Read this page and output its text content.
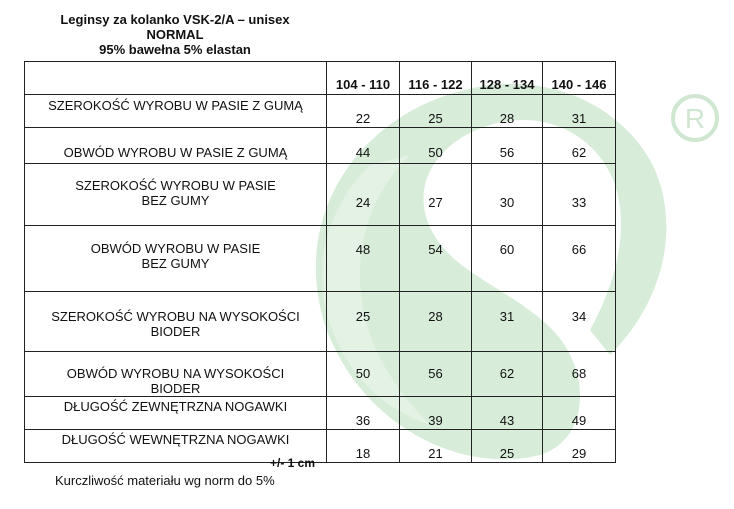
R
Leginsy za kolanko VSK-2/A – unisex
NORMAL
95% bawełna 5% elastan
	104 - 110	116 - 122	128 - 134	140 - 146
SZEROKOŚĆ WYROBU W PASIE Z GUMĄ	22	25	28	31
OBWÓD WYROBU W PASIE Z GUMĄ	44	50	56	62
SZEROKOŚĆ WYROBU W PASIE
BEZ GUMY	24	27	30	33
OBWÓD WYROBU W PASIE
BEZ GUMY	48	54	60	66
SZEROKOŚĆ WYROBU NA WYSOKOŚCI
BIODER	25	28	31	34
OBWÓD WYROBU NA WYSOKOŚCI
BIODER	50	56	62	68
DŁUGOŚĆ ZEWNĘTRZNA NOGAWKI	36	39	43	49
DŁUGOŚĆ WEWNĘTRZNA NOGAWKI	18	21	25	29
+/- 1 cm
Kurczliwość materiału wg norm do 5%
